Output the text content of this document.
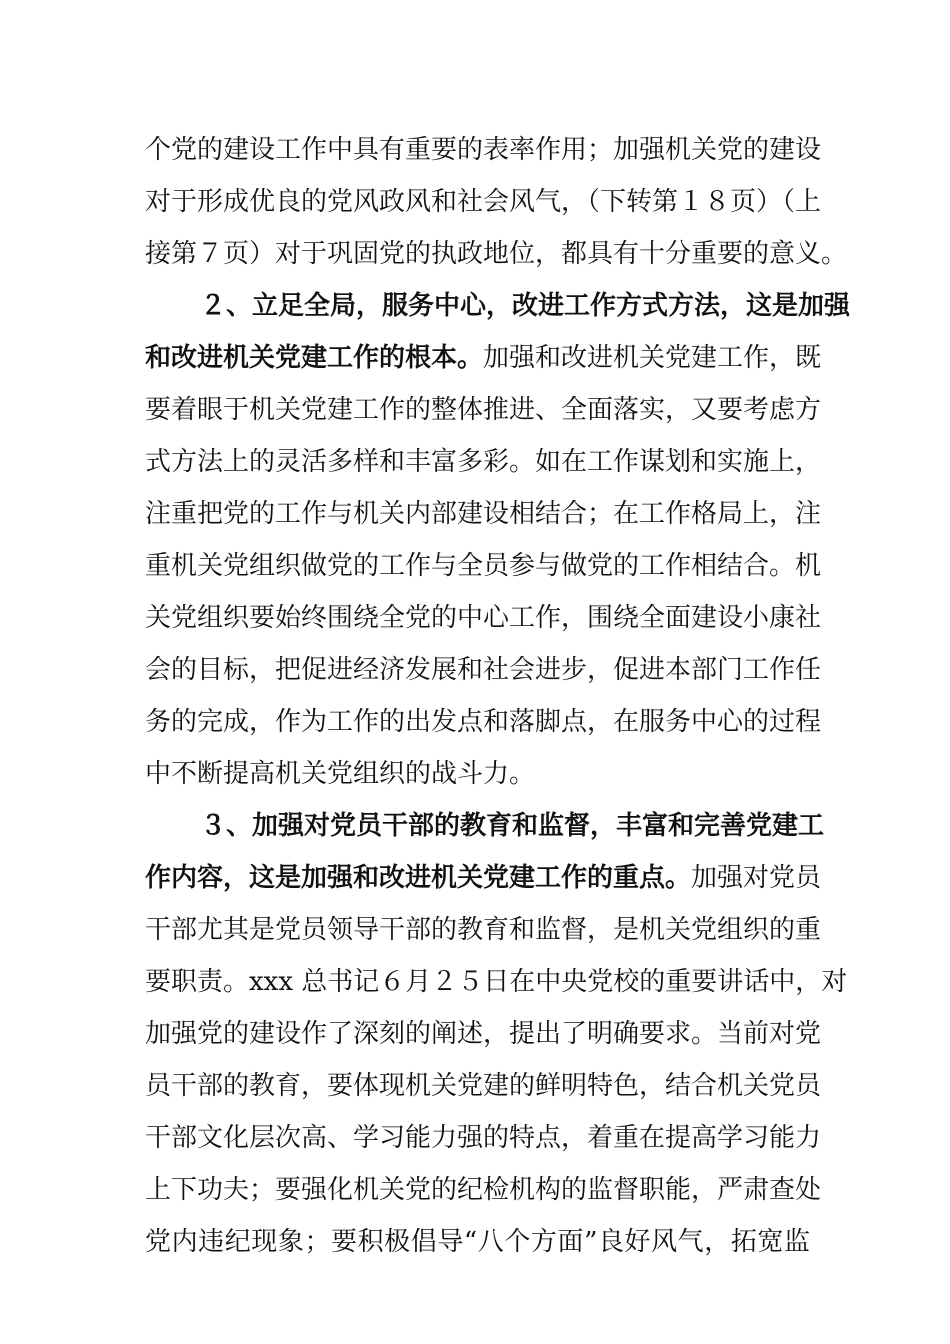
个党的建设工作中具有重要的表率作用；加强机关党的建设
对于形成优良的党风政风和社会风气，（下转第１８页）（上
接第７页）对于巩固党的执政地位，都具有十分重要的意义。
２、立足全局，服务中心，改进工作方式方法，这是加强
和改进机关党建工作的根本。加强和改进机关党建工作，既
要着眼于机关党建工作的整体推进、全面落实，又要考虑方
式方法上的灵活多样和丰富多彩。如在工作谋划和实施上，
注重把党的工作与机关内部建设相结合；在工作格局上，注
重机关党组织做党的工作与全员参与做党的工作相结合。机
关党组织要始终围绕全党的中心工作，围绕全面建设小康社
会的目标，把促进经济发展和社会进步，促进本部门工作任
务的完成，作为工作的出发点和落脚点，在服务中心的过程
中不断提高机关党组织的战斗力。
３、加强对党员干部的教育和监督，丰富和完善党建工
作内容，这是加强和改进机关党建工作的重点。加强对党员
干部尤其是党员领导干部的教育和监督，是机关党组织的重
要职责。xxx 总书记６月２５日在中央党校的重要讲话中，对
加强党的建设作了深刻的阐述，提出了明确要求。当前对党
员干部的教育，要体现机关党建的鲜明特色，结合机关党员
干部文化层次高、学习能力强的特点，着重在提高学习能力
上下功夫；要强化机关党的纪检机构的监督职能，严肃查处
党内违纪现象；要积极倡导“八个方面”良好风气，拓宽监
